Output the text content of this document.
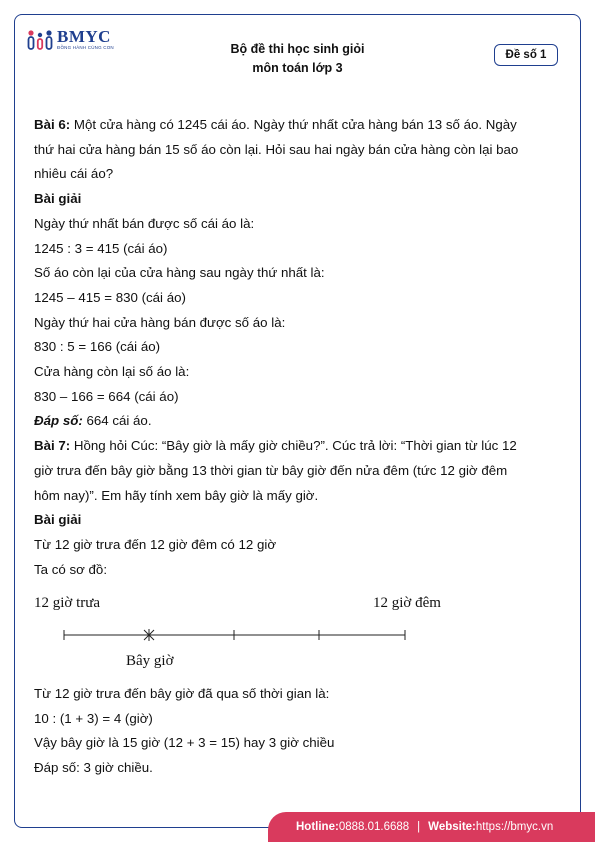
BMYC
ĐỒNG HÀNH CÙNG CON	Bộ đề thi học sinh giỏi
môn toán lớp 3
Đề số 1
Bài 6: Một cửa hàng có 1245 cái áo. Ngày thứ nhất cửa hàng bán 13 số áo. Ngày
thứ hai cửa hàng bán 15 số áo còn lại. Hỏi sau hai ngày bán cửa hàng còn lại bao
nhiêu cái áo?
Bài giải
Ngày thứ nhất bán được số cái áo là:
1245 : 3 = 415 (cái áo)
Số áo còn lại của cửa hàng sau ngày thứ nhất là:
1245 – 415 = 830 (cái áo)
Ngày thứ hai cửa hàng bán được số áo là:
830 : 5 = 166 (cái áo)
Cửa hàng còn lại số áo là:
830 – 166 = 664 (cái áo)
Đáp số: 664 cái áo.
Bài 7: Hồng hỏi Cúc: “Bây giờ là mấy giờ chiều?”. Cúc trả lời: “Thời gian từ lúc 12
giờ trưa đến bây giờ bằng 13 thời gian từ bây giờ đến nửa đêm (tức 12 giờ đêm
hôm nay)”. Em hãy tính xem bây giờ là mấy giờ.
Bài giải
Từ 12 giờ trưa đến 12 giờ đêm có 12 giờ
Ta có sơ đồ:
12 giờ trưa	12 giờ đêm
Bây giờ
Từ 12 giờ trưa đến bây giờ đã qua số thời gian là:
10 : (1 + 3) = 4 (giờ)
Vậy bây giờ là 15 giờ (12 + 3 = 15) hay 3 giờ chiều
Đáp số: 3 giờ chiều.
Hotline: 0888.01.6688 | Website: https://bmyc.vn
